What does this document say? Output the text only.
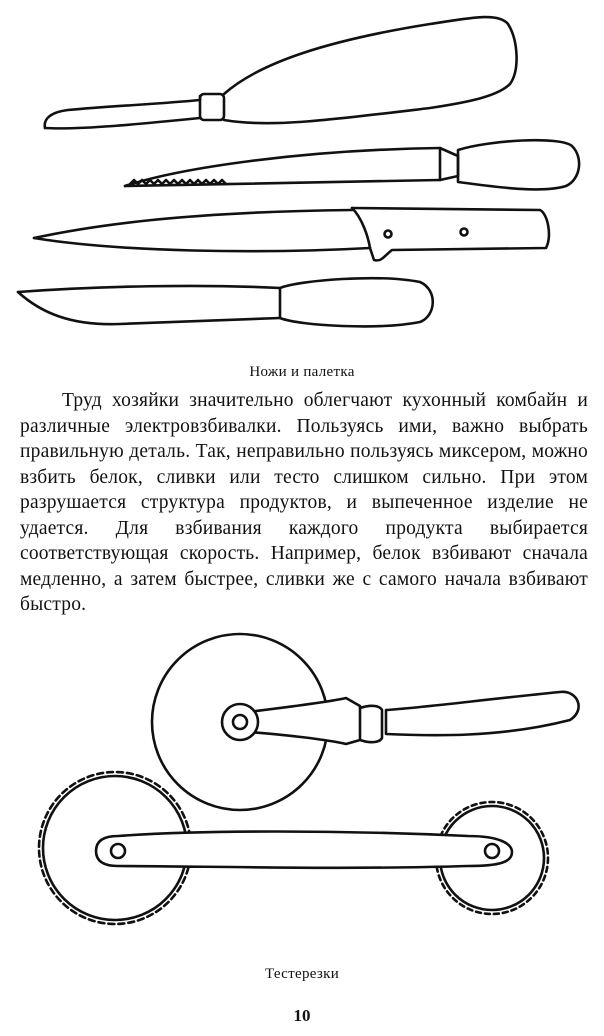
Ножи и палетка

Труд хозяйки значительно облегчают кухонный комбайн и различные электровзбивалки. Пользуясь ими, важно выбрать правильную деталь. Так, неправильно пользуясь миксером, можно взбить белок, сливки или тесто слишком сильно. При этом разрушается структура продуктов, и выпеченное изделие не удается. Для взбивания каждого продукта выбирается соответствующая скорость. Например, белок взбивают сначала медленно, а затем быстрее, сливки же с самого начала взбивают быстро.

Тестерезки
10
